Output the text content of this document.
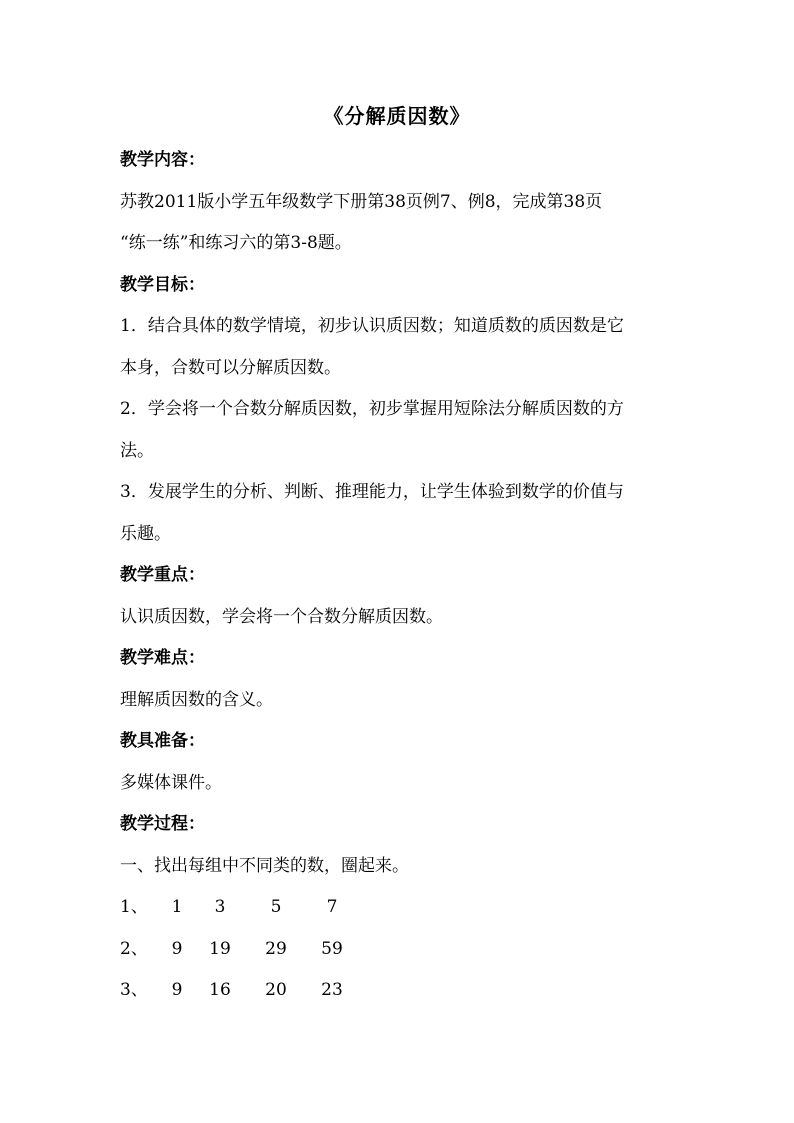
《分解质因数》
教学内容：
苏教2011版小学五年级数学下册第38页例7、例8，完成第38页
“练一练”和练习六的第3-8题。
教学目标：
1．结合具体的数学情境，初步认识质因数；知道质数的质因数是它
本身，合数可以分解质因数。
2．学会将一个合数分解质因数，初步掌握用短除法分解质因数的方
法。
3．发展学生的分析、判断、推理能力，让学生体验到数学的价值与
乐趣。
教学重点：
认识质因数，学会将一个合数分解质因数。
教学难点：
理解质因数的含义。
教具准备：
多媒体课件。
教学过程：
一、找出每组中不同类的数，圈起来。
1、	1	3	5	7
2、	9	19	29	59
3、	9	16	20	23
